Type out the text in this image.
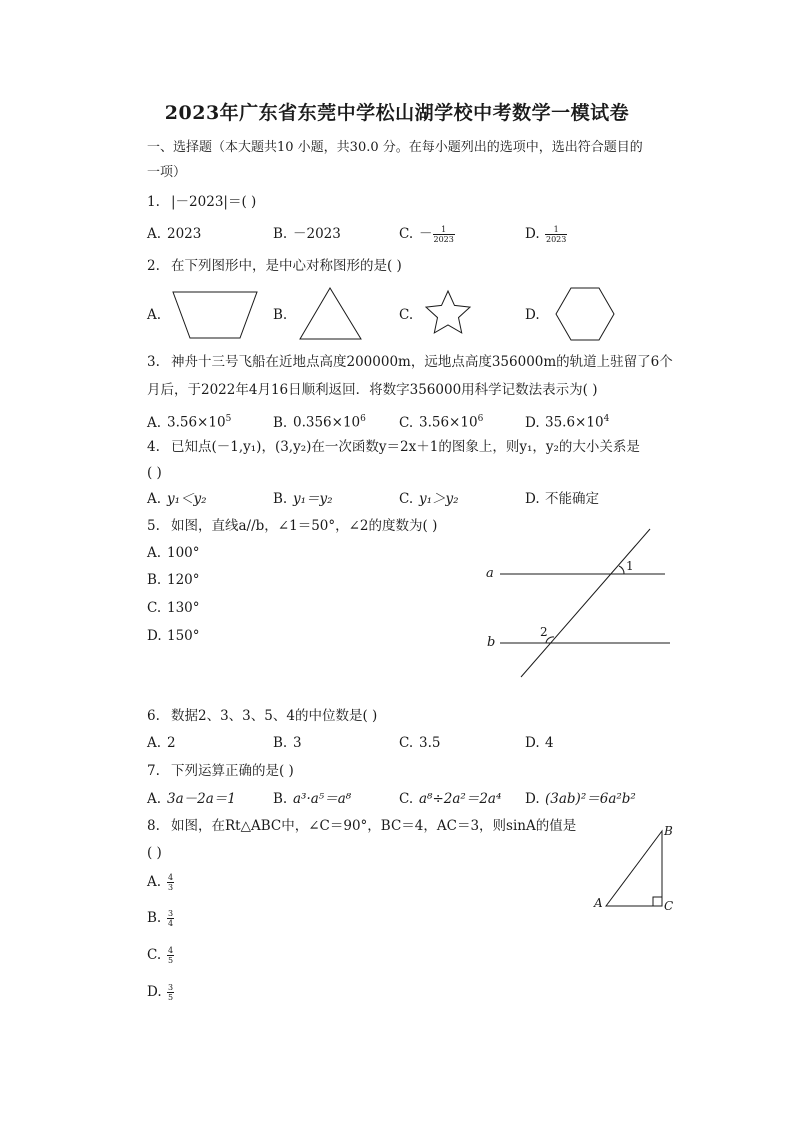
2023年广东省东莞中学松山湖学校中考数学一模试卷
一、选择题（本大题共10 小题，共30.0 分。在每小题列出的选项中，选出符合题目的
一项）
1. |－2023|＝( )
A. 2023	B. －2023	C. － $\frac{1}{2023}$	D. $\frac{1}{2023}$
2. 在下列图形中，是中心对称图形的是( )
A.	B.	C.	D.
3. 神舟十三号飞船在近地点高度200000m，远地点高度356000m的轨道上驻留了6个
月后，于2022年4月16日顺利返回．将数字356000用科学记数法表示为( )
A. $3.56\times 10^5$	B. $0.356\times 10^6$ C. $3.56\times 10^6$	D. $35.6\times 10^4$
4. 已知点(－1,y₁)，(3,y₂)在一次函数y＝2x＋1的图象上，则y₁，y₂的大小关系是
( )
A. y₁＜y₂	B. y₁＝y₂	C. y₁＞y₂	D. 不能确定
5. 如图，直线a//b，∠1＝50°，∠2的度数为( )
A. 100°
B. 120°
C. 130°
D. 150°
a
b
1
2
6. 数据2、3、3、5、4的中位数是( )
A. 2	B. 3	C. 3.5	D. 4
7. 下列运算正确的是( )
A. 3a－2a＝1	B. a³·a⁵＝a⁸	C. a⁸÷2a²＝2a⁴ D. (3ab)²＝6a²b²
8. 如图，在Rt△ABC中，∠C＝90°，BC＝4，AC＝3，则sinA的值是
( )
A. $\frac{4}{3}$
B. $\frac{3}{4}$
C. $\frac{4}{5}$
D. $\frac{3}{5}$
A
B
C
